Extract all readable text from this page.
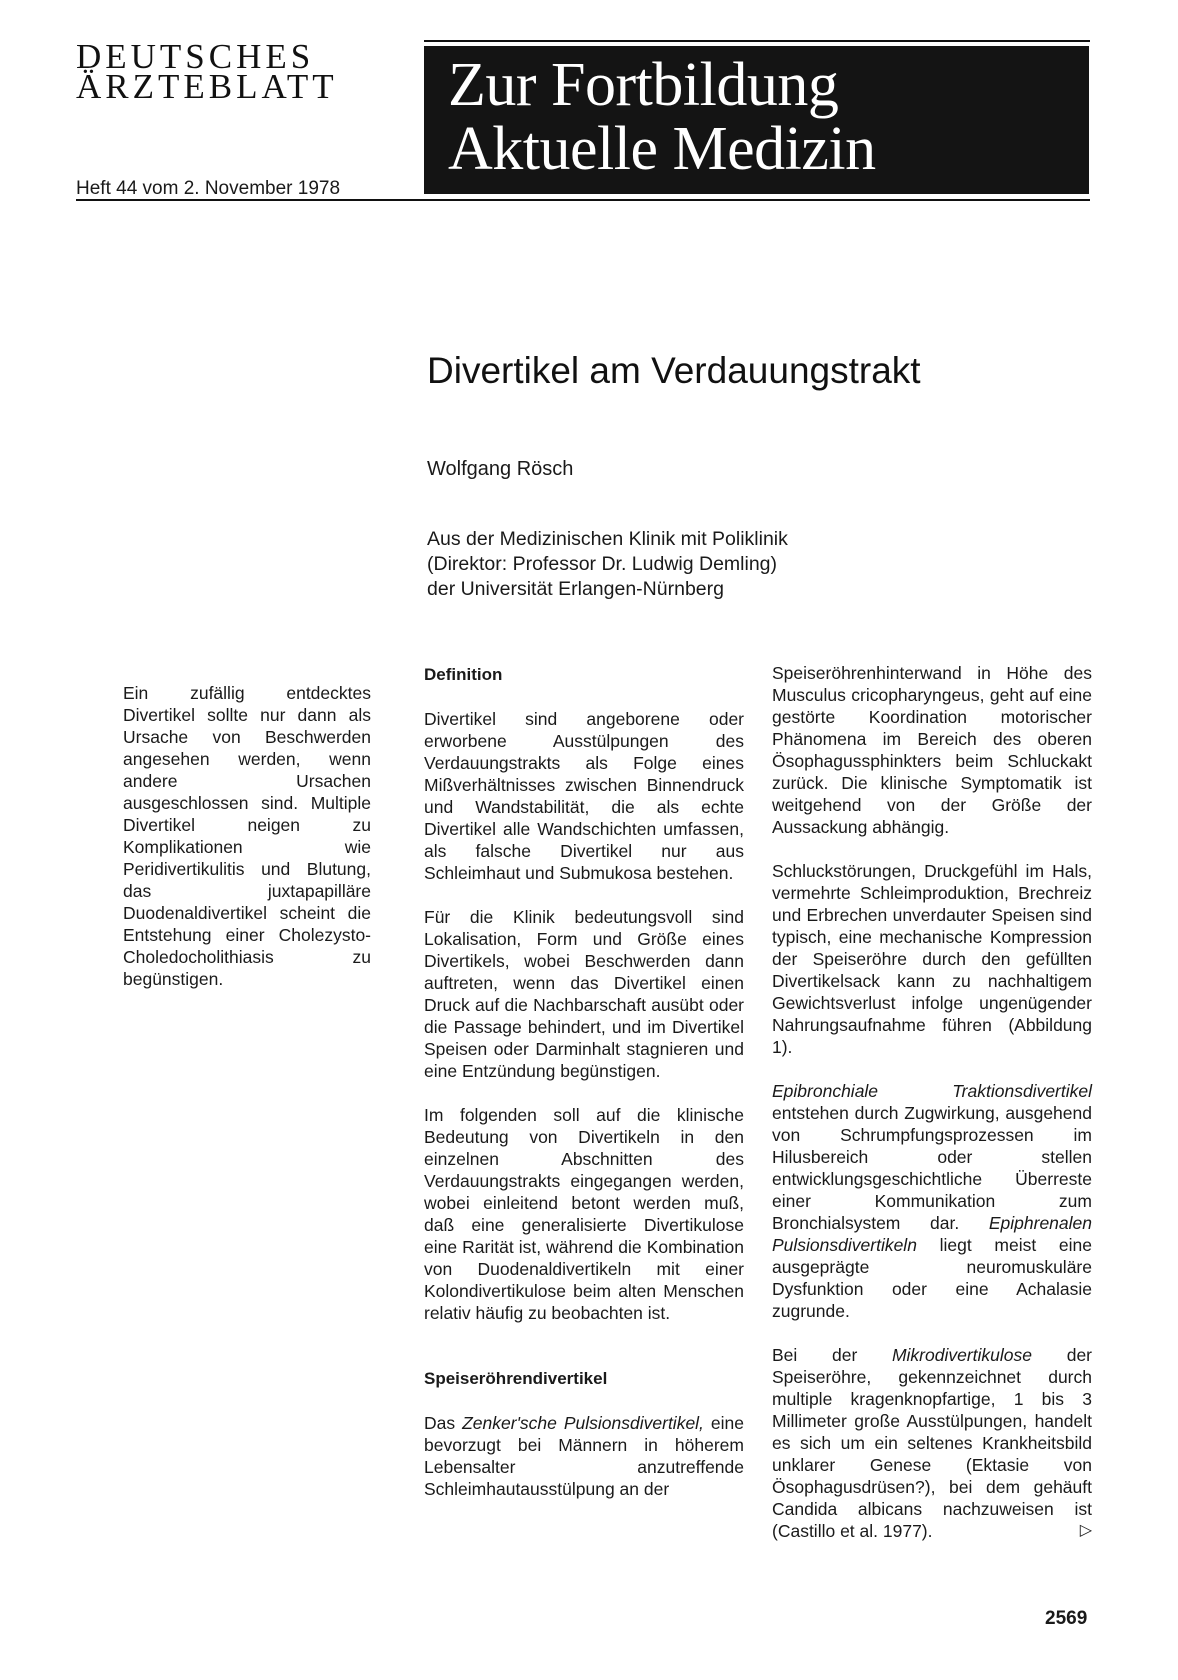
DEUTSCHES
ÄRZTEBLATT	Zur Fortbildung
Aktuelle Medizin
Heft 44 vom 2. November 1978
Divertikel am Verdauungstrakt
Wolfgang Rösch
Aus der Medizinischen Klinik mit Poliklinik
(Direktor: Professor Dr. Ludwig Demling)
der Universität Erlangen-Nürnberg
Ein zufällig entdecktes Divertikel sollte nur dann als Ursache von Beschwerden angesehen werden, wenn andere Ursachen ausgeschlossen sind. Multiple Divertikel neigen zu Komplikationen wie Peridivertikulitis und Blutung, das juxtapapilläre Duodenaldivertikel scheint die Entstehung einer Cholezysto-Choledocholithiasis zu begünstigen.
Definition

Divertikel sind angeborene oder erworbene Ausstülpungen des Verdauungstrakts als Folge eines Mißverhältnisses zwischen Binnendruck und Wandstabilität, die als echte Divertikel alle Wandschichten umfassen, als falsche Divertikel nur aus Schleimhaut und Submukosa bestehen.

Für die Klinik bedeutungsvoll sind Lokalisation, Form und Größe eines Divertikels, wobei Beschwerden dann auftreten, wenn das Divertikel einen Druck auf die Nachbarschaft ausübt oder die Passage behindert, und im Divertikel Speisen oder Darminhalt stagnieren und eine Entzündung begünstigen.

Im folgenden soll auf die klinische Bedeutung von Divertikeln in den einzelnen Abschnitten des Verdauungstrakts eingegangen werden, wobei einleitend betont werden muß, daß eine generalisierte Divertikulose eine Rarität ist, während die Kombination von Duodenaldivertikeln mit einer Kolondivertikulose beim alten Menschen relativ häufig zu beobachten ist.

Speiseröhrendivertikel

Das Zenker'sche Pulsionsdivertikel, eine bevorzugt bei Männern in höherem Lebensalter anzutreffende Schleimhautausstülpung an der

Speiseröhrenhinterwand in Höhe des Musculus cricopharyngeus, geht auf eine gestörte Koordination motorischer Phänomena im Bereich des oberen Ösophagussphinkters beim Schluckakt zurück. Die klinische Symptomatik ist weitgehend von der Größe der Aussackung abhängig.

Schluckstörungen, Druckgefühl im Hals, vermehrte Schleimproduktion, Brechreiz und Erbrechen unverdauter Speisen sind typisch, eine mechanische Kompression der Speiseröhre durch den gefüllten Divertikelsack kann zu nachhaltigem Gewichtsverlust infolge ungenügender Nahrungsaufnahme führen (Abbildung 1).

Epibronchiale Traktionsdivertikel entstehen durch Zugwirkung, ausgehend von Schrumpfungsprozessen im Hilusbereich oder stellen entwicklungsgeschichtliche Überreste einer Kommunikation zum Bronchialsystem dar. Epiphrenalen Pulsionsdivertikeln liegt meist eine ausgeprägte neuromuskuläre Dysfunktion oder eine Achalasie zugrunde.

Bei der Mikrodivertikulose der Speiseröhre, gekennzeichnet durch multiple kragenknopfartige, 1 bis 3 Millimeter große Ausstülpungen, handelt es sich um ein seltenes Krankheitsbild unklarer Genese (Ektasie von Ösophagusdrüsen?), bei dem gehäuft Candida albicans nachzuweisen ist (Castillo et al. 1977).	▷

2569
